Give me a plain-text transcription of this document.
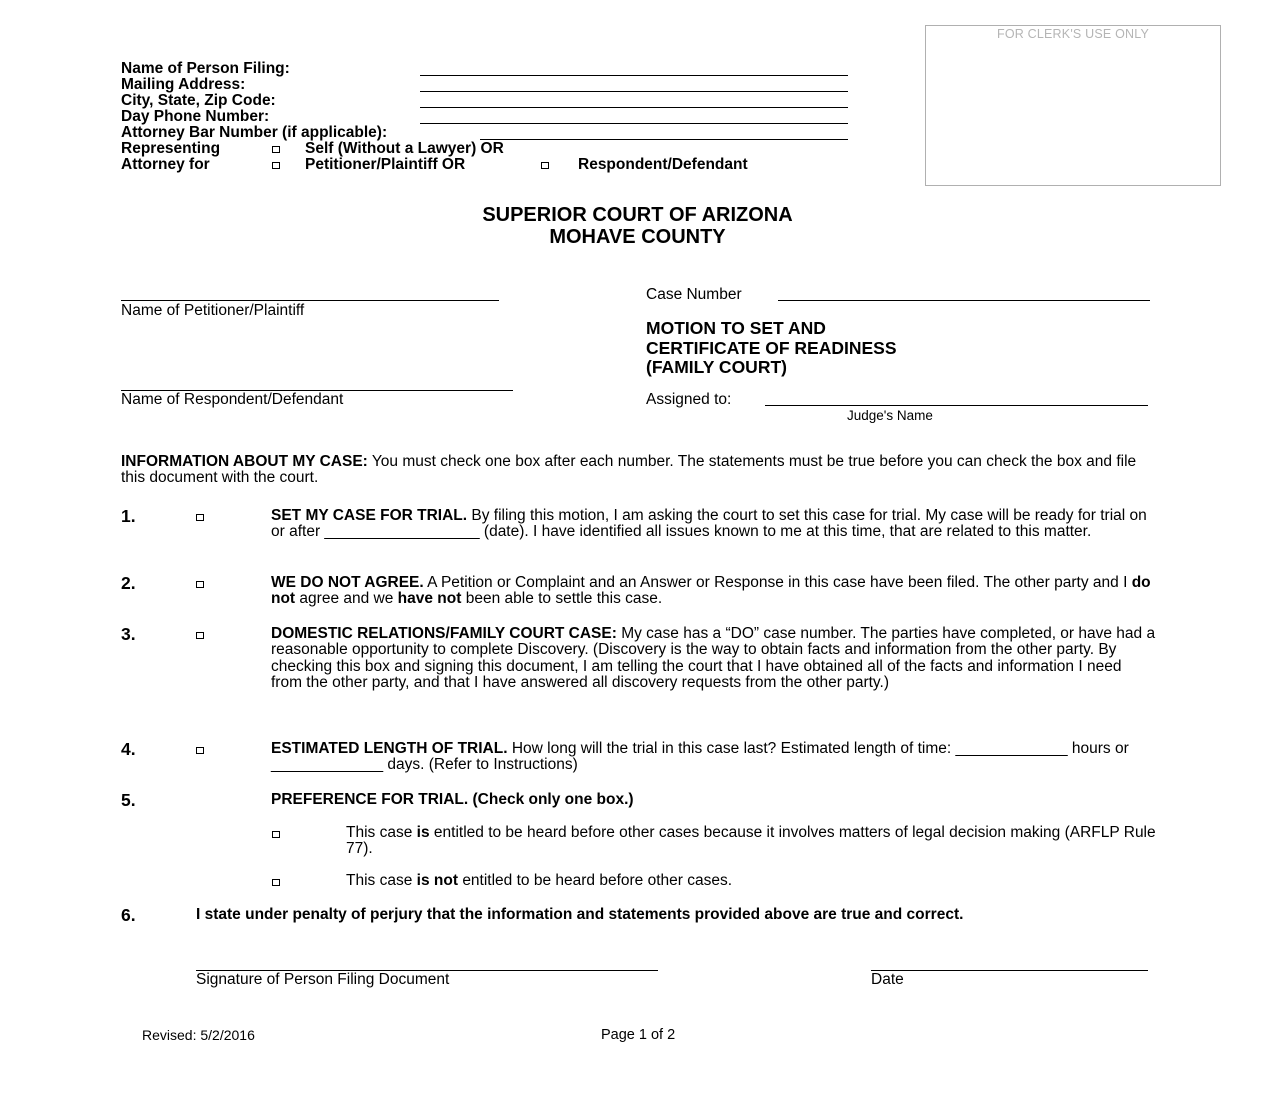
FOR CLERK'S USE ONLY
Name of Person Filing:
Mailing Address:
City, State, Zip Code:
Day Phone Number:
Attorney Bar Number (if applicable):
Representing	Self (Without a Lawyer) OR
Attorney for	Petitioner/Plaintiff OR	Respondent/Defendant
SUPERIOR COURT OF ARIZONA
MOHAVE COUNTY
Name of Petitioner/Plaintiff
Case Number
MOTION TO SET AND
CERTIFICATE OF READINESS
(FAMILY COURT)
Name of Respondent/Defendant	Assigned to:
Judge's Name
INFORMATION ABOUT MY CASE: You must check one box after each number. The statements must be true before you can check the box and file this document with the court.
1.	SET MY CASE FOR TRIAL. By filing this motion, I am asking the court to set this case for trial. My case will be ready for trial on or after __________________ (date). I have identified all issues known to me at this time, that are related to this matter.
2.	WE DO NOT AGREE. A Petition or Complaint and an Answer or Response in this case have been filed. The other party and I do not agree and we have not been able to settle this case.
3.	DOMESTIC RELATIONS/FAMILY COURT CASE: My case has a “DO” case number. The parties have completed, or have had a reasonable opportunity to complete Discovery. (Discovery is the way to obtain facts and information from the other party. By checking this box and signing this document, I am telling the court that I have obtained all of the facts and information I need from the other party, and that I have answered all discovery requests from the other party.)
4.	ESTIMATED LENGTH OF TRIAL. How long will the trial in this case last? Estimated length of time: _____________ hours or _____________ days. (Refer to Instructions)
5.	PREFERENCE FOR TRIAL. (Check only one box.)
This case is entitled to be heard before other cases because it involves matters of legal decision making (ARFLP Rule 77).
This case is not entitled to be heard before other cases.
6.	I state under penalty of perjury that the information and statements provided above are true and correct.
Signature of Person Filing Document	Date
Revised: 5/2/2016	Page 1 of 2
